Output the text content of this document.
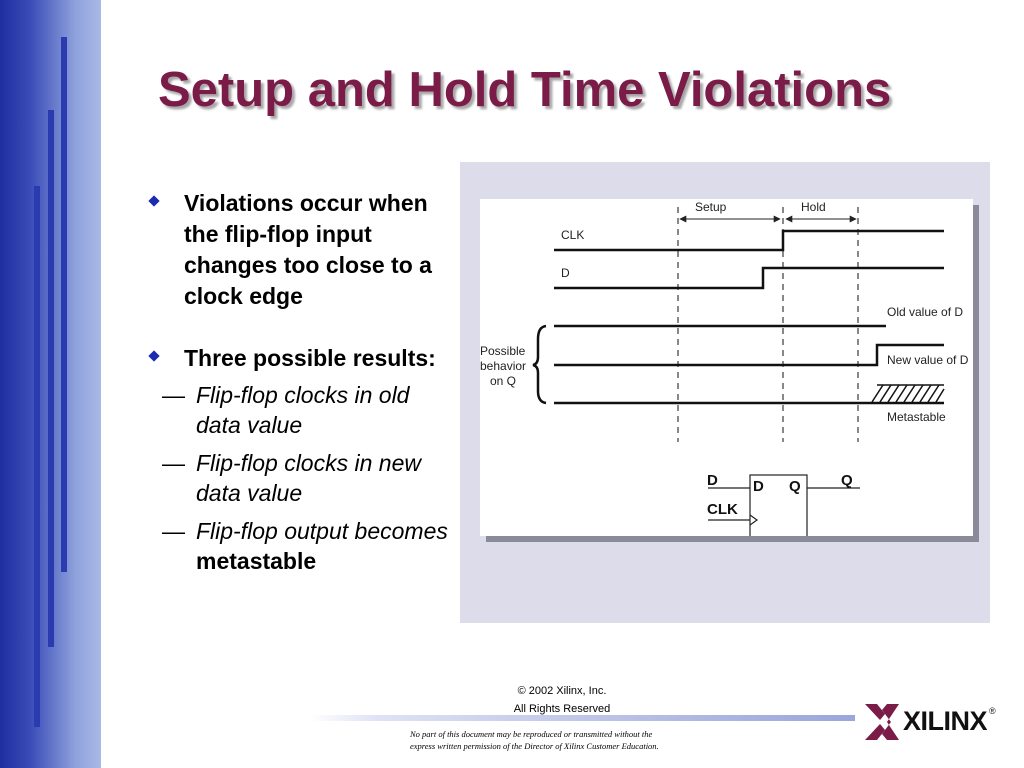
Setup and Hold Time Violations
Violations occur when the flip-flop input changes too close to a clock edge
Three possible results:
— Flip-flop clocks in old data value
— Flip-flop clocks in new data value
— Flip-flop output becomes
metastable
Setup	Hold
CLK
D
Possible behavior on Q
Old value of D
New value of D
Metastable
D D Q	Q
CLK
© 2002 Xilinx, Inc.
All Rights Reserved
No part of this document may be reproduced or transmitted without the
express written permission of the Director of Xilinx Customer Education.
XILINX ®
